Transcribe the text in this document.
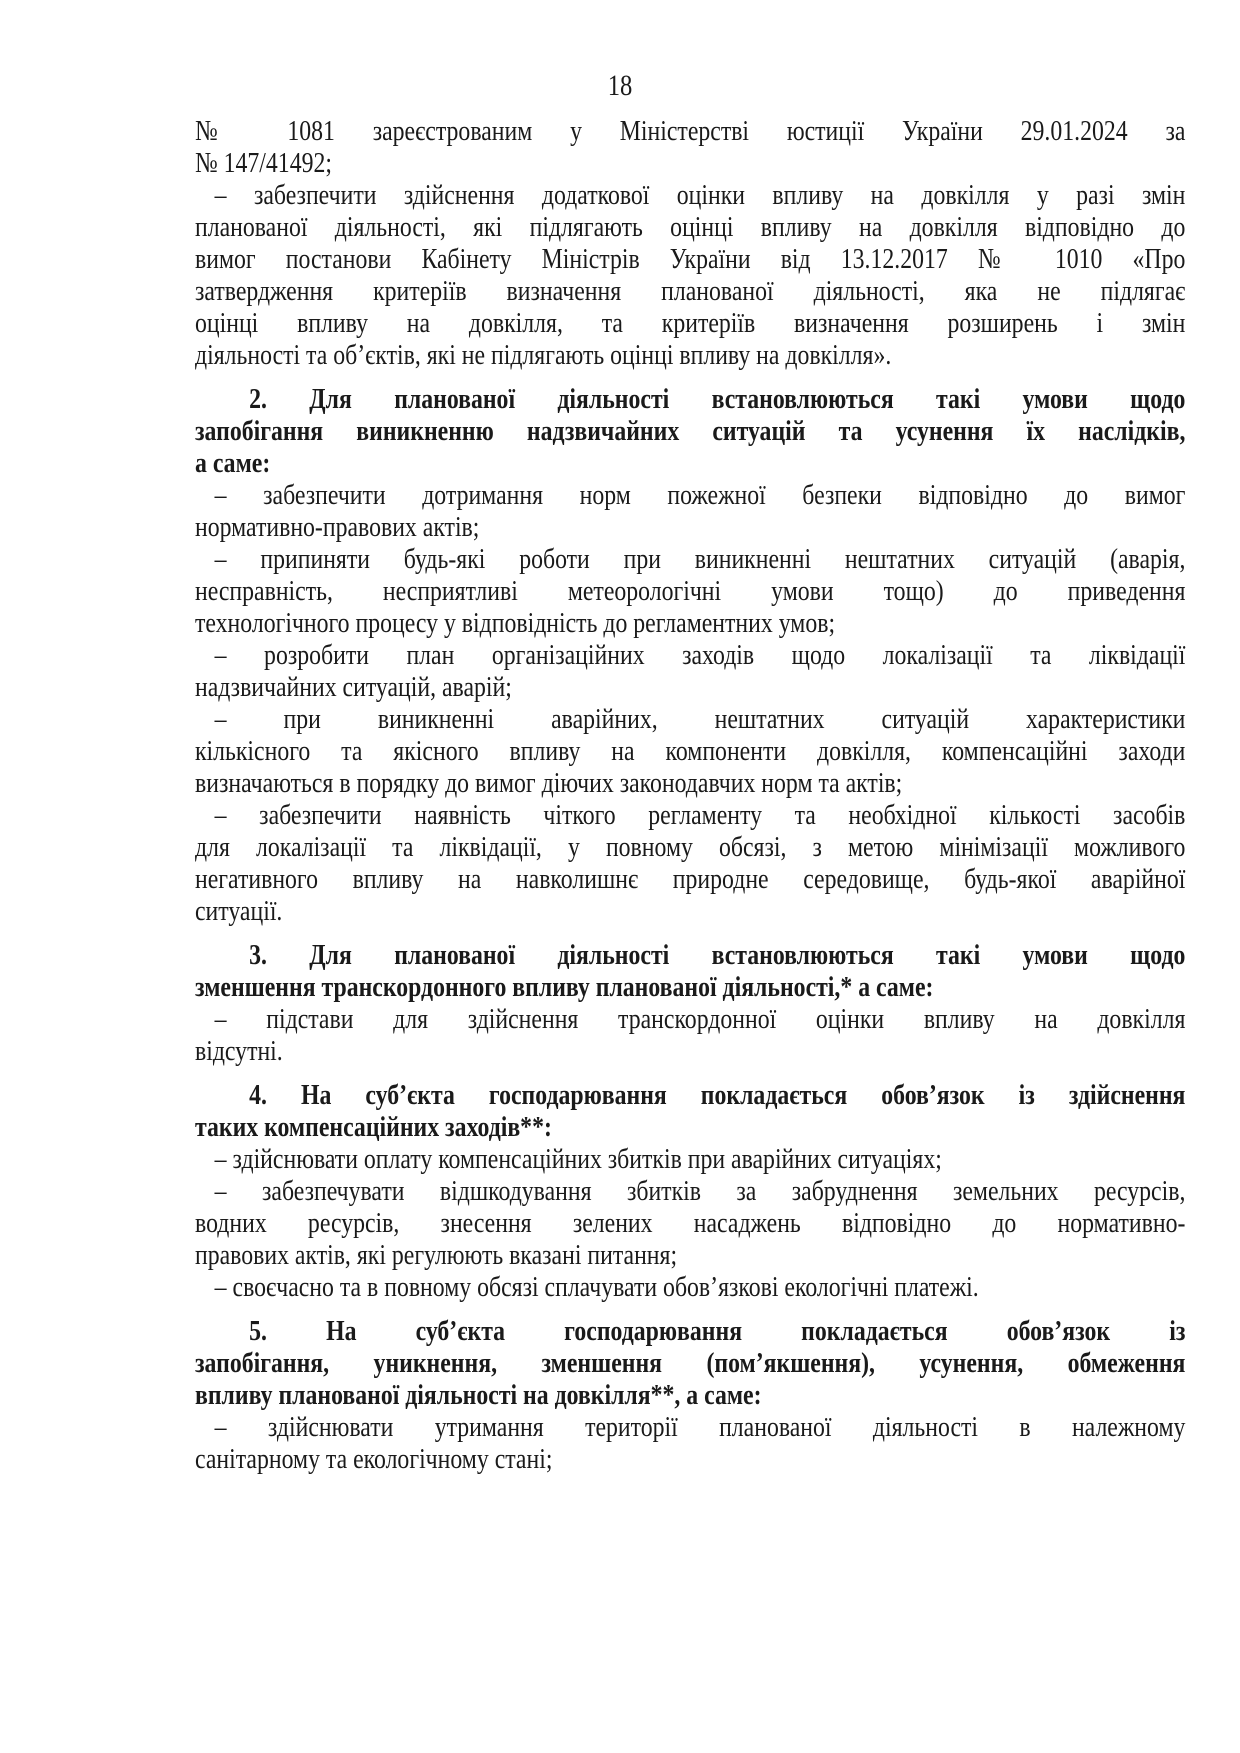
18
№ 1081 зареєстрованим у Міністерстві юстиції України 29.01.2024 за
№ 147/41492;
– забезпечити здійснення додаткової оцінки впливу на довкілля у разі змін
планованої діяльності, які підлягають оцінці впливу на довкілля відповідно до
вимог постанови Кабінету Міністрів України від 13.12.2017 № 1010 «Про
затвердження критеріїв визначення планованої діяльності, яка не підлягає
оцінці впливу на довкілля, та критеріїв визначення розширень і змін
діяльності та об’єктів, які не підлягають оцінці впливу на довкілля».
2. Для планованої діяльності встановлюються такі умови щодо
запобігання виникненню надзвичайних ситуацій та усунення їх наслідків,
а саме:
– забезпечити дотримання норм пожежної безпеки відповідно до вимог
нормативно-правових актів;
– припиняти будь-які роботи при виникненні нештатних ситуацій (аварія,
несправність, несприятливі метеорологічні умови тощо) до приведення
технологічного процесу у відповідність до регламентних умов;
– розробити план організаційних заходів щодо локалізації та ліквідації
надзвичайних ситуацій, аварій;
– при виникненні аварійних, нештатних ситуацій характеристики
кількісного та якісного впливу на компоненти довкілля, компенсаційні заходи
визначаються в порядку до вимог діючих законодавчих норм та актів;
– забезпечити наявність чіткого регламенту та необхідної кількості засобів
для локалізації та ліквідації, у повному обсязі, з метою мінімізації можливого
негативного впливу на навколишнє природне середовище, будь-якої аварійної
ситуації.
3. Для планованої діяльності встановлюються такі умови щодо
зменшення транскордонного впливу планованої діяльності,* а саме:
– підстави для здійснення транскордонної оцінки впливу на довкілля
відсутні.
4. На суб’єкта господарювання покладається обов’язок із здійснення
таких компенсаційних заходів**:
– здійснювати оплату компенсаційних збитків при аварійних ситуаціях;
– забезпечувати відшкодування збитків за забруднення земельних ресурсів,
водних ресурсів, знесення зелених насаджень відповідно до нормативно-
правових актів, які регулюють вказані питання;
– своєчасно та в повному обсязі сплачувати обов’язкові екологічні платежі.
5. На суб’єкта господарювання покладається обов’язок із
запобігання, уникнення, зменшення (пом’якшення), усунення, обмеження
впливу планованої діяльності на довкілля**, а саме:
– здійснювати утримання території планованої діяльності в належному
санітарному та екологічному стані;
